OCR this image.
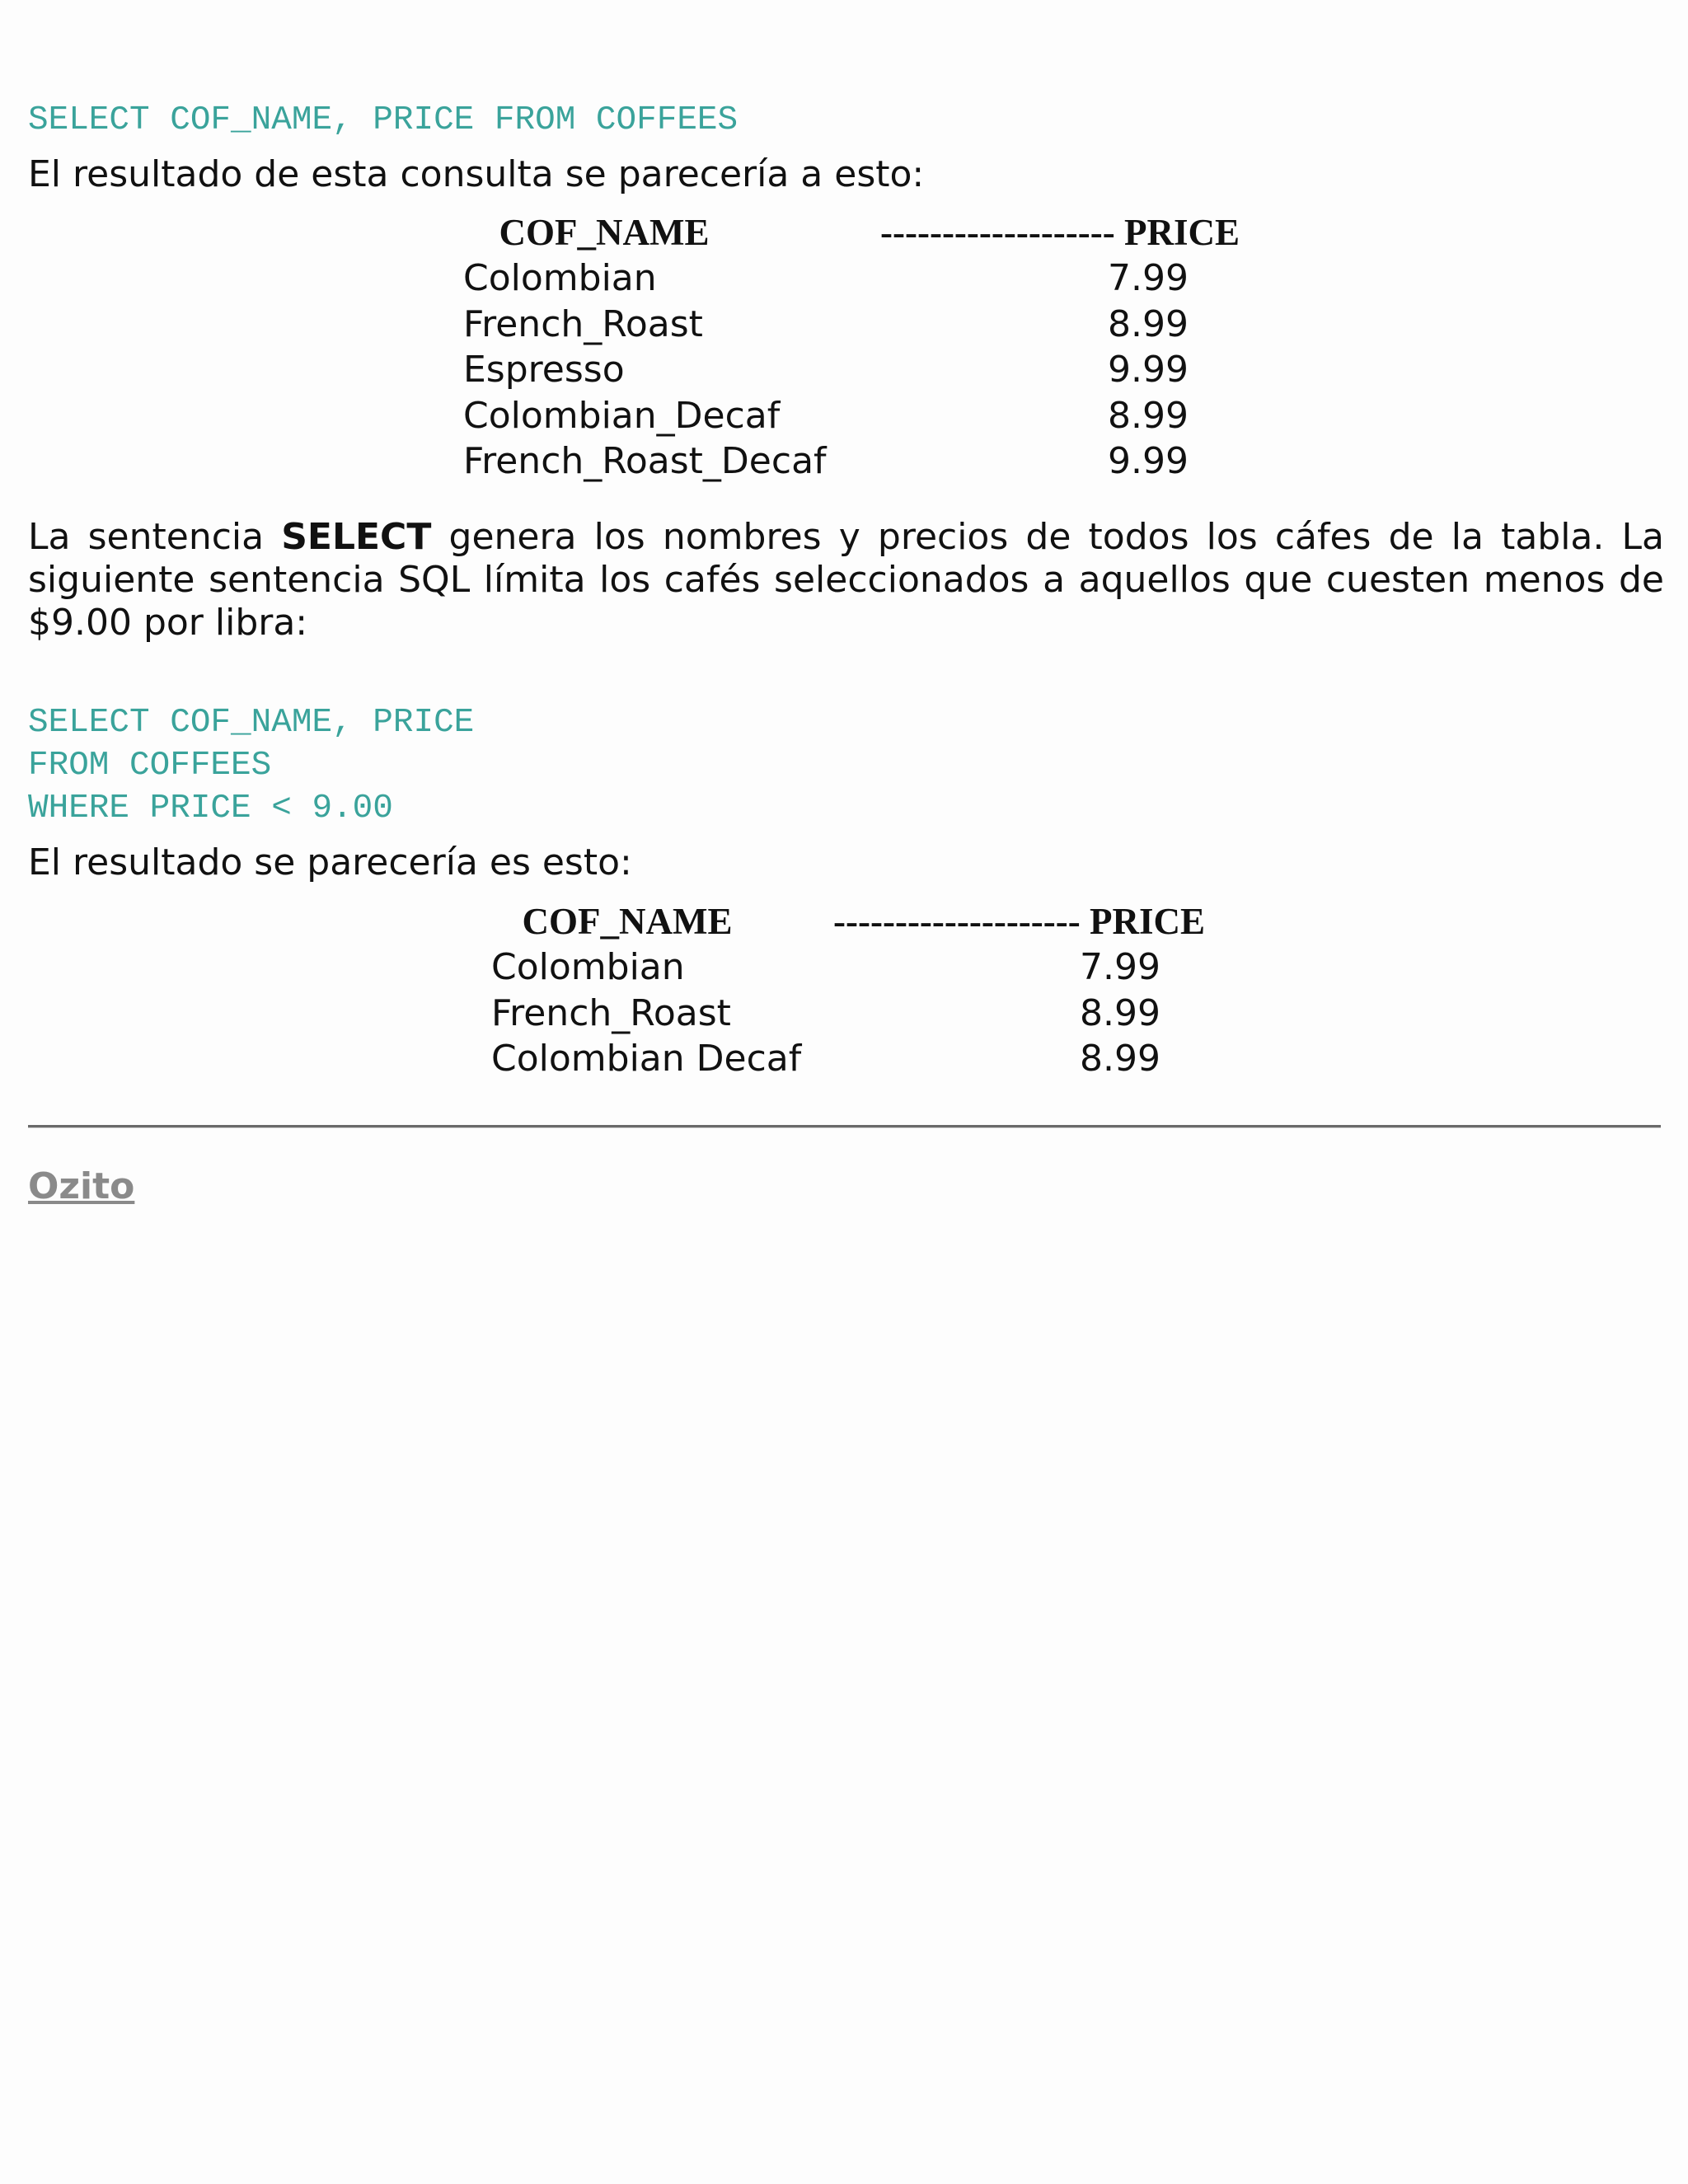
SELECT COF_NAME, PRICE FROM COFFEES
El resultado de esta consulta se parecería a esto:
COF_NAME	------------------- PRICE

Colombian	7.99
French_Roast	8.99
Espresso	9.99
Colombian_Decaf	8.99
French_Roast_Decaf	9.99

La sentencia SELECT genera los nombres y precios de todos los cáfes de la tabla. La siguiente sentencia SQL límita los cafés seleccionados a aquellos que cuesten menos de $9.00 por libra:

SELECT COF_NAME, PRICE
FROM COFFEES
WHERE PRICE < 9.00
El resultado se parecería es esto:
COF_NAME	-------------------- PRICE

Colombian	7.99
French_Roast	8.99
Colombian Decaf	8.99
Ozito
